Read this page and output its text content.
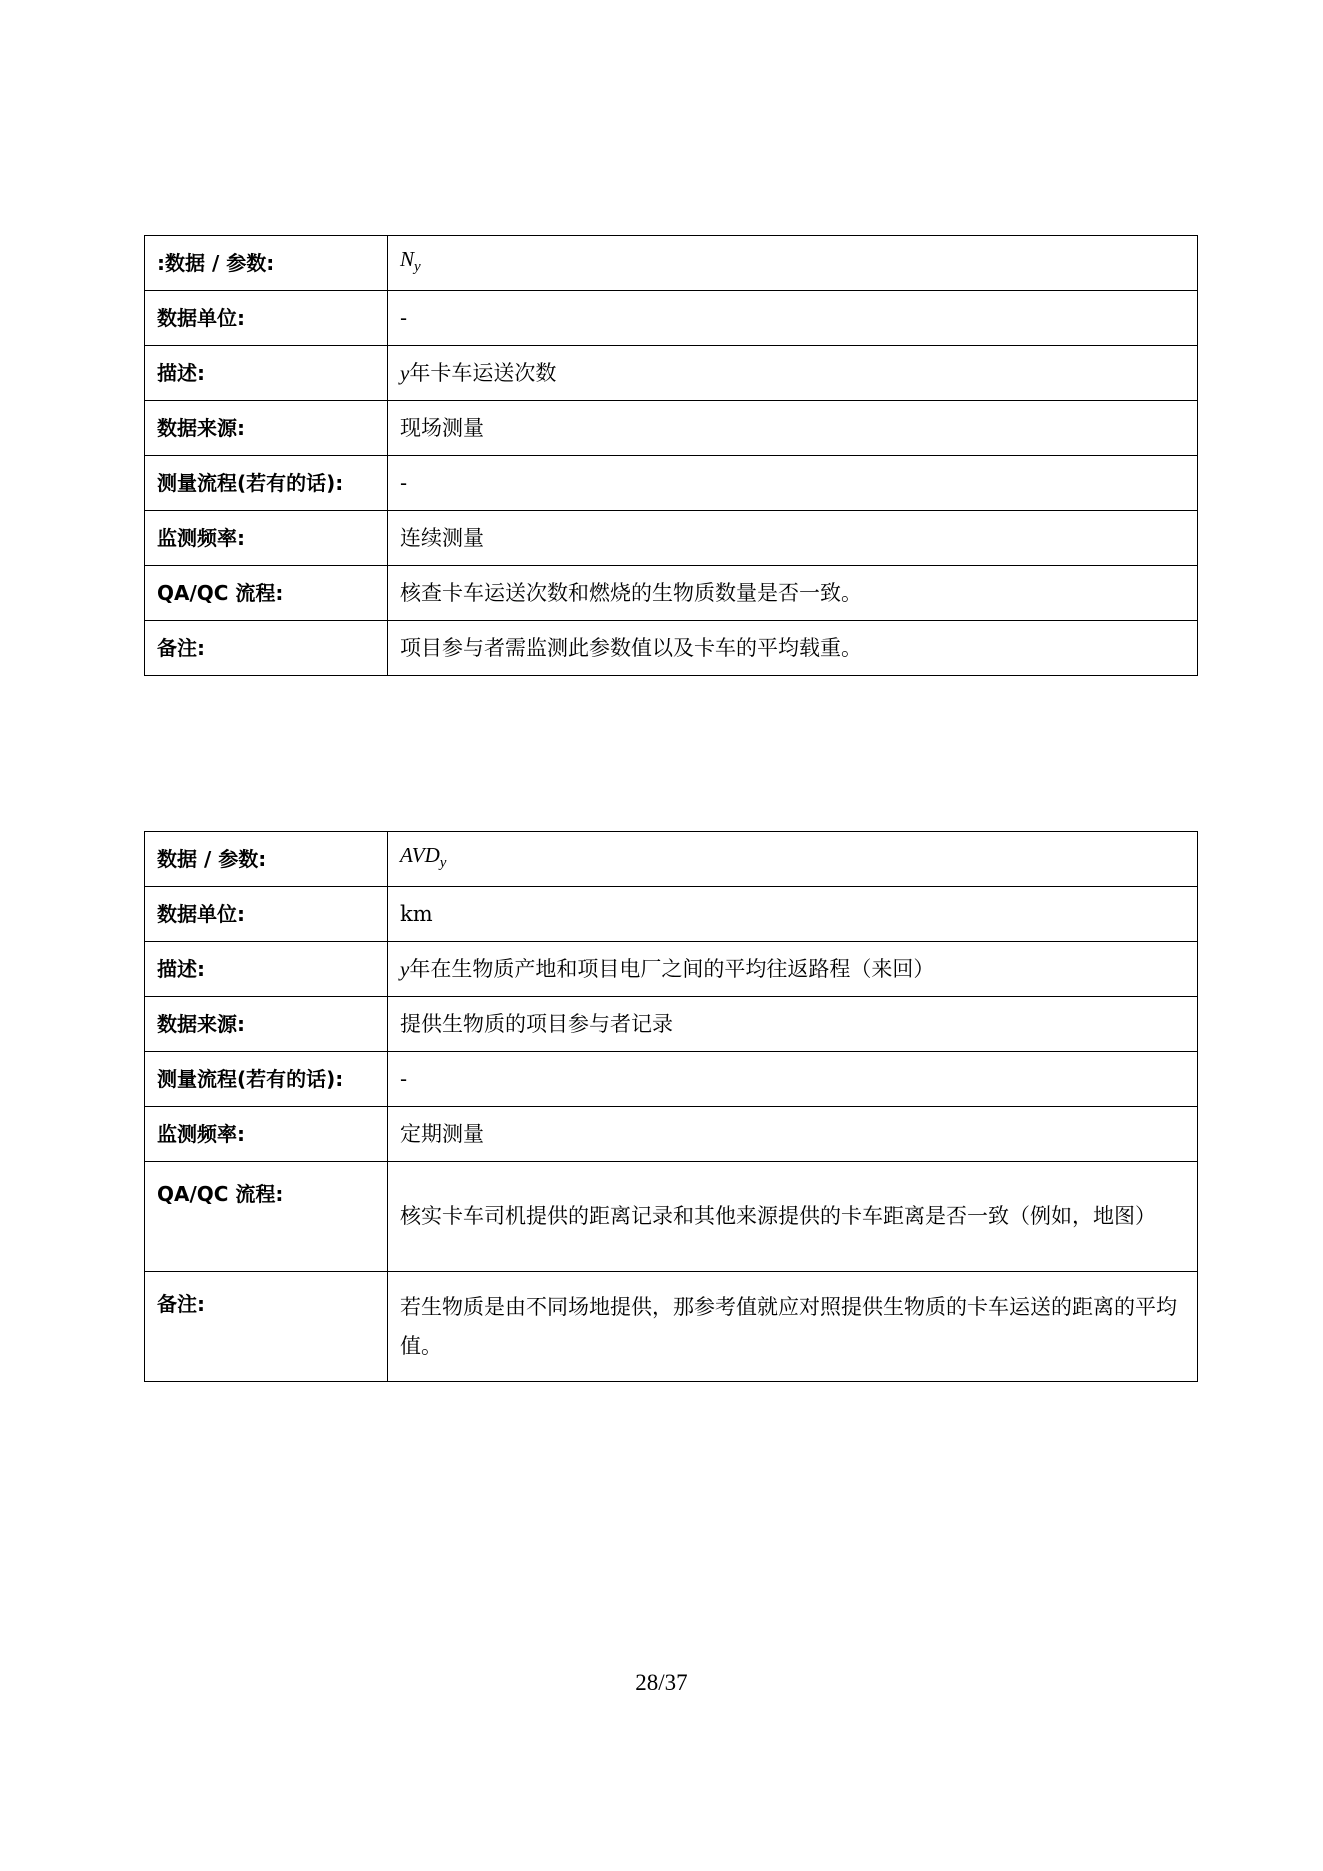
:数据 / 参数:	$N_y$
数据单位:	-
描述:	y年卡车运送次数
数据来源:	现场测量
测量流程(若有的话):	-
监测频率:	连续测量
QA/QC 流程:	核查卡车运送次数和燃烧的生物质数量是否一致。
备注:	项目参与者需监测此参数值以及卡车的平均载重。
数据 / 参数:	$AVD_y$
数据单位:	km
描述:	y年在生物质产地和项目电厂之间的平均往返路程（来回）
数据来源:	提供生物质的项目参与者记录
测量流程(若有的话):	-
监测频率:	定期测量
QA/QC 流程:	核实卡车司机提供的距离记录和其他来源提供的卡车距离是否一致（例如，地图）
备注:	若生物质是由不同场地提供，那参考值就应对照提供生物质的卡车运送的距离的平均值。
28/37
